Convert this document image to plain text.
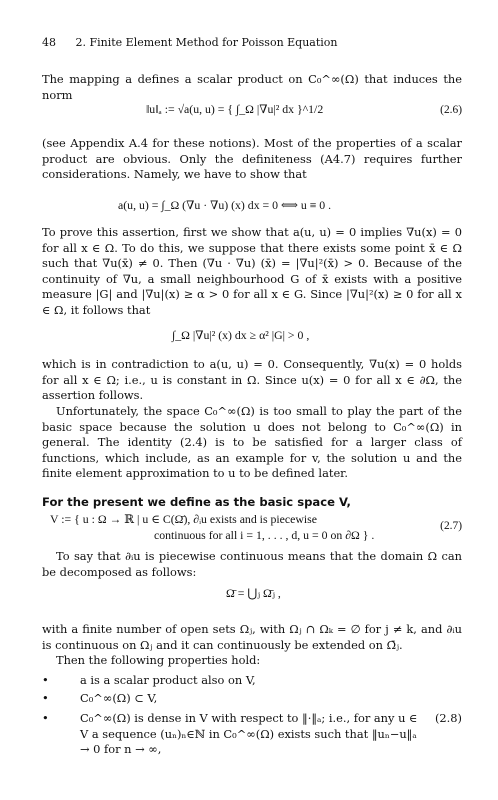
48 2. Finite Element Method for Poisson Equation
The mapping a defines a scalar product on C₀^∞(Ω) that induces the norm
‖u‖ₐ := √a(u, u) = { ∫_Ω |∇u|² dx }^1/2	(2.6)
(see Appendix A.4 for these notions). Most of the properties of a scalar product are obvious. Only the definiteness (A4.7) requires further considerations. Namely, we have to show that
a(u, u) = ∫_Ω (∇u · ∇u) (x) dx = 0 ⟺ u ≡ 0 .
To prove this assertion, first we show that a(u, u) = 0 implies ∇u(x) = 0 for all x ∈ Ω. To do this, we suppose that there exists some point x̄ ∈ Ω such that ∇u(x̄) ≠ 0. Then (∇u · ∇u) (x̄) = |∇u|²(x̄) > 0. Because of the continuity of ∇u, a small neighbourhood G of x̄ exists with a positive measure |G| and |∇u|(x) ≥ α > 0 for all x ∈ G. Since |∇u|²(x) ≥ 0 for all x ∈ Ω, it follows that
∫_Ω |∇u|² (x) dx ≥ α² |G| > 0 ,
which is in contradiction to a(u, u) = 0. Consequently, ∇u(x) = 0 holds for all x ∈ Ω; i.e., u is constant in Ω. Since u(x) = 0 for all x ∈ ∂Ω, the assertion follows.
Unfortunately, the space C₀^∞(Ω) is too small to play the part of the basic space because the solution u does not belong to C₀^∞(Ω) in general. The identity (2.4) is to be satisfied for a larger class of functions, which include, as an example for v, the solution u and the finite element approximation to u to be defined later.
For the present we define as the basic space V,
V := { u : Ω → ℝ | u ∈ C(Ω̄), ∂ᵢu exists and is piecewise
continuous for all i = 1, . . . , d, u = 0 on ∂Ω } .
(2.7)
To say that ∂ᵢu is piecewise continuous means that the domain Ω can be decomposed as follows:
Ω̄ = ⋃ⱼ Ω̄ⱼ ,
with a finite number of open sets Ωⱼ, with Ωⱼ ∩ Ωₖ = ∅ for j ≠ k, and ∂ᵢu is continuous on Ωⱼ and it can continuously be extended on Ω̄ⱼ.
Then the following properties hold:
•	a is a scalar product also on V,
•	C₀^∞(Ω) ⊂ V,
•	C₀^∞(Ω) is dense in V with respect to ‖·‖ₐ; i.e., for any u ∈ V a sequence (uₙ)ₙ∈ℕ in C₀^∞(Ω) exists such that ‖uₙ−u‖ₐ → 0 for n → ∞,
(2.8)
